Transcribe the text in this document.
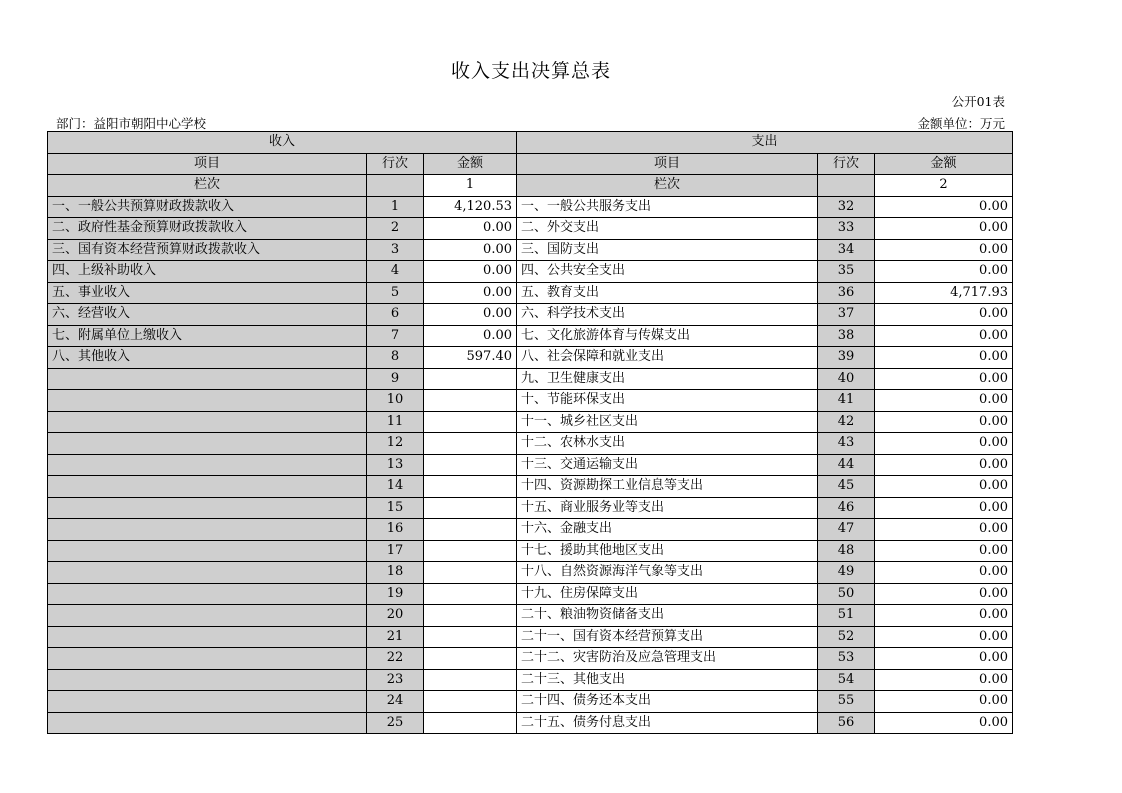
收入支出决算总表
公开01表
部门：益阳市朝阳中心学校	金额单位：万元
收入			支出		
项目	行次	金额	项目	行次	金额
栏次		1	栏次		2
一、一般公共预算财政拨款收入	1	4,120.53	一、一般公共服务支出	32	0.00
二、政府性基金预算财政拨款收入	2	0.00	二、外交支出	33	0.00
三、国有资本经营预算财政拨款收入	3	0.00	三、国防支出	34	0.00
四、上级补助收入	4	0.00	四、公共安全支出	35	0.00
五、事业收入	5	0.00	五、教育支出	36	4,717.93
六、经营收入	6	0.00	六、科学技术支出	37	0.00
七、附属单位上缴收入	7	0.00	七、文化旅游体育与传媒支出	38	0.00
八、其他收入	8	597.40	八、社会保障和就业支出	39	0.00
	9		九、卫生健康支出	40	0.00
	10		十、节能环保支出	41	0.00
	11		十一、城乡社区支出	42	0.00
	12		十二、农林水支出	43	0.00
	13		十三、交通运输支出	44	0.00
	14		十四、资源勘探工业信息等支出	45	0.00
	15		十五、商业服务业等支出	46	0.00
	16		十六、金融支出	47	0.00
	17		十七、援助其他地区支出	48	0.00
	18		十八、自然资源海洋气象等支出	49	0.00
	19		十九、住房保障支出	50	0.00
	20		二十、粮油物资储备支出	51	0.00
	21		二十一、国有资本经营预算支出	52	0.00
	22		二十二、灾害防治及应急管理支出	53	0.00
	23		二十三、其他支出	54	0.00
	24		二十四、债务还本支出	55	0.00
	25		二十五、债务付息支出	56	0.00
